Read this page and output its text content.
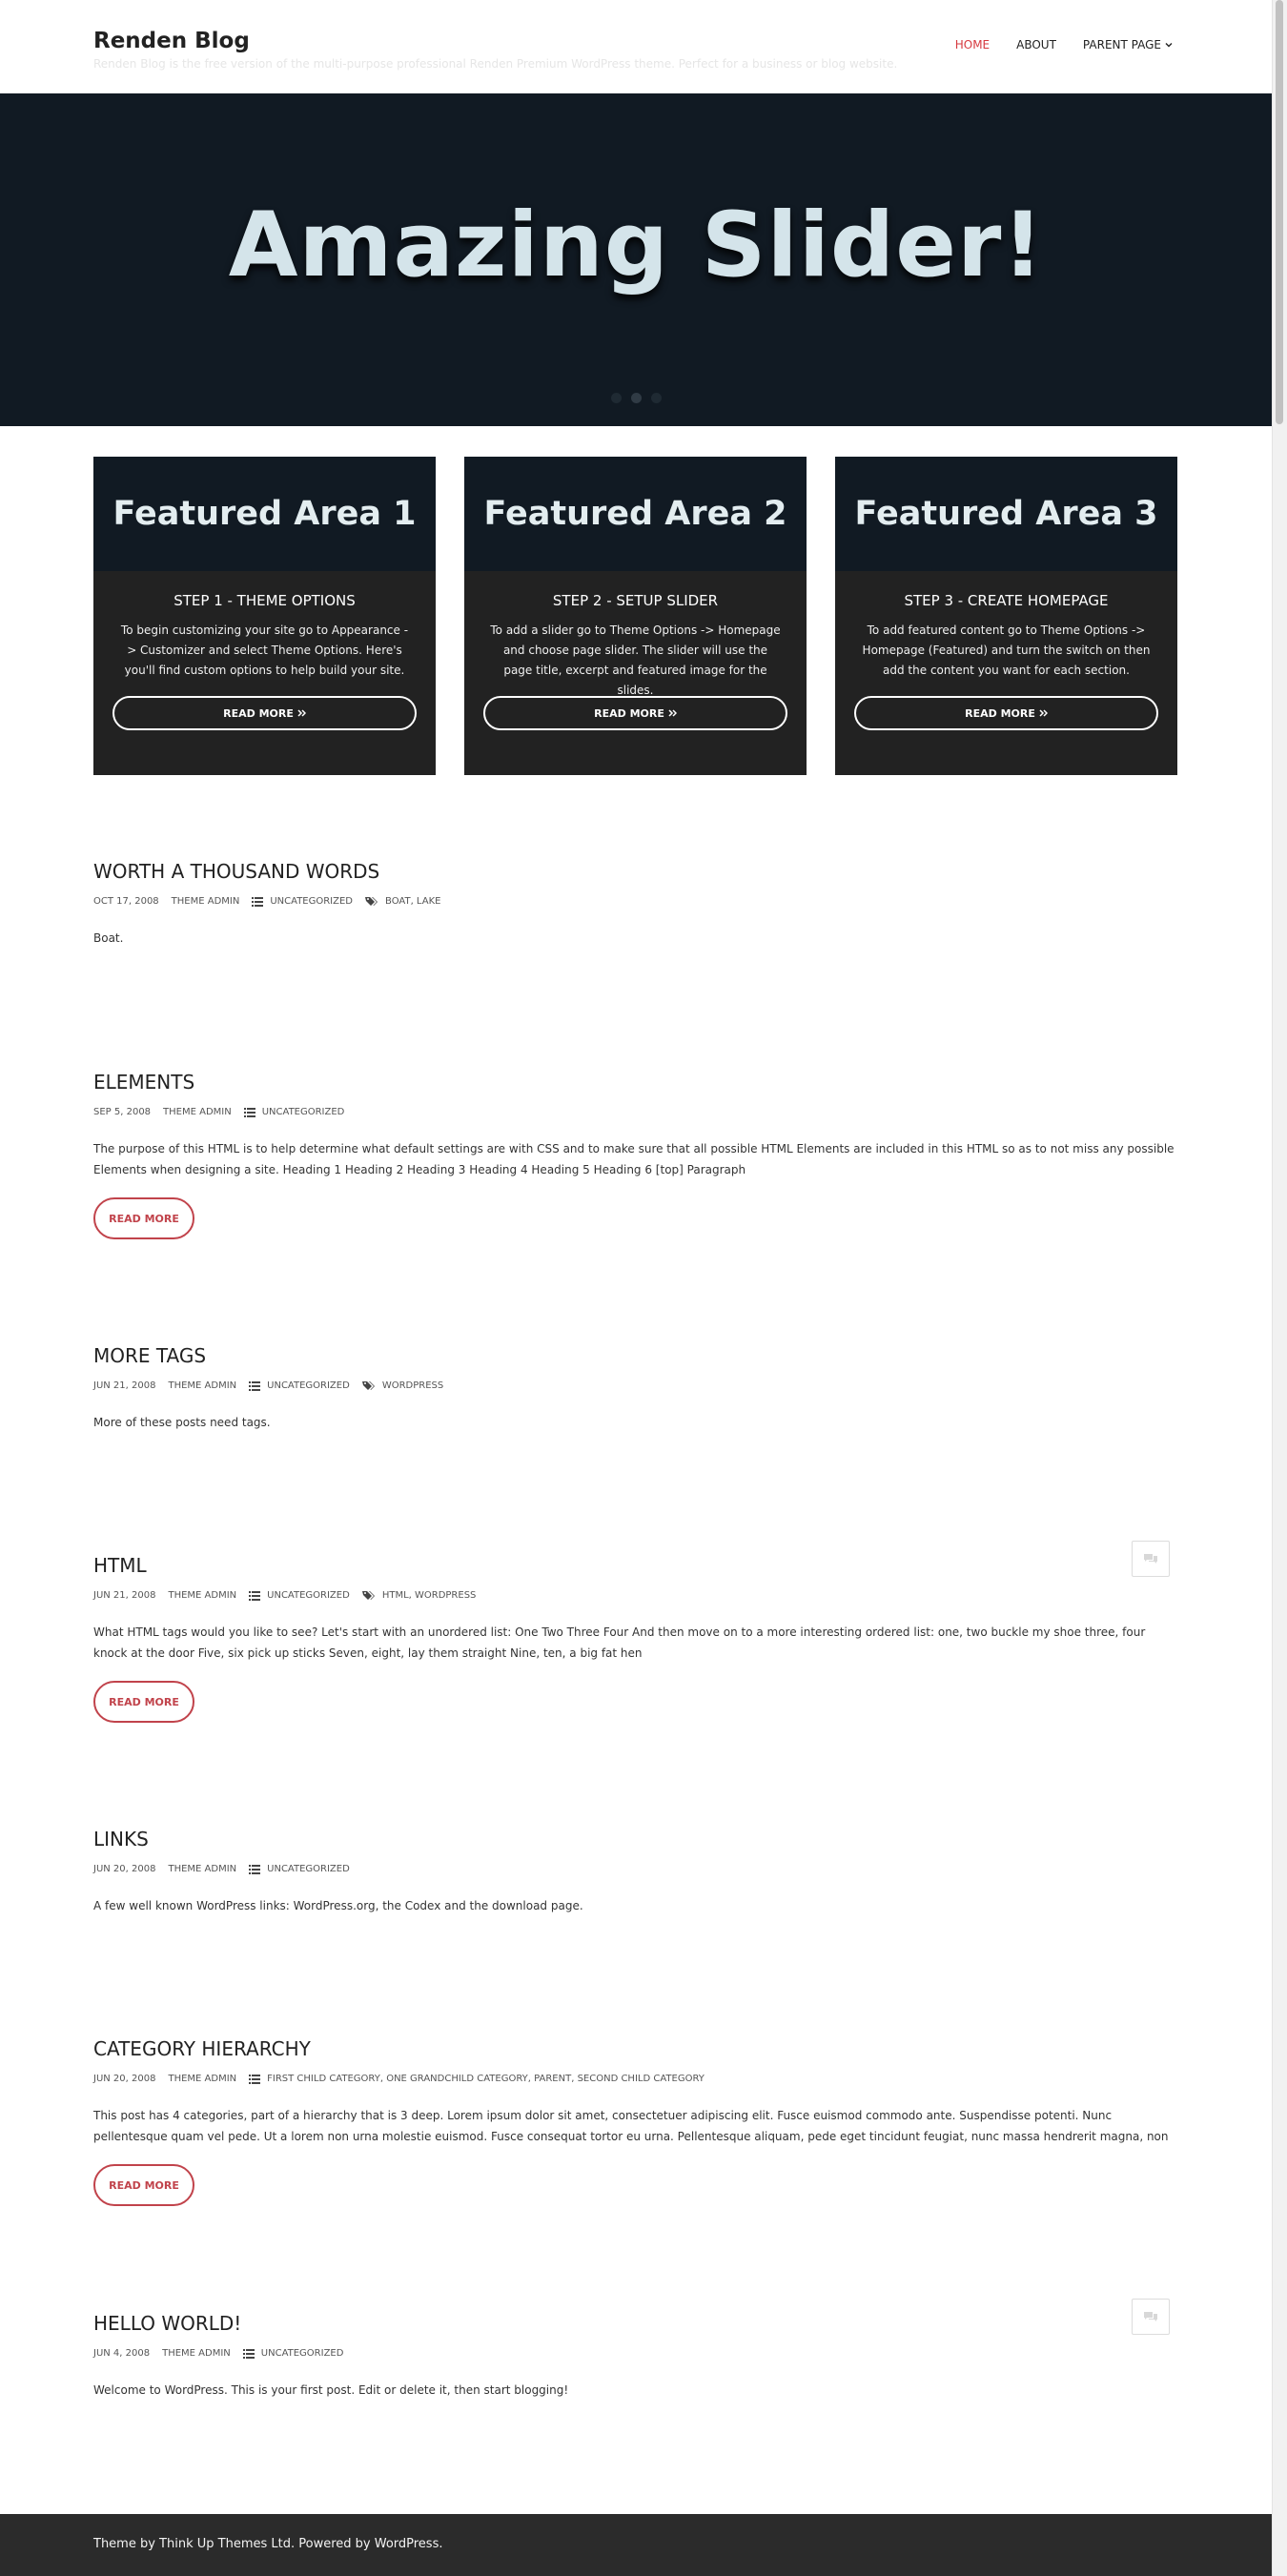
Renden Blog
Renden Blog is the free version of the multi-purpose professional Renden Premium WordPress theme. Perfect for a business or blog website.
HOME ABOUT PARENT PAGE
Amazing Slider!
Featured Area 1
STEP 1 - THEME OPTIONS
To begin customizing your site go to Appearance -> Customizer and select Theme Options. Here's you'll find custom options to help build your site.
READ MORE
Featured Area 2
STEP 2 - SETUP SLIDER
To add a slider go to Theme Options -> Homepage and choose page slider. The slider will use the page title, excerpt and featured image for the slides.
READ MORE
Featured Area 3
STEP 3 - CREATE HOMEPAGE
To add featured content go to Theme Options -> Homepage (Featured) and turn the switch on then add the content you want for each section.
READ MORE
WORTH A THOUSAND WORDS
OCT 17, 2008 THEME ADMIN	UNCATEGORIZED	BOAT, LAKE
Boat.
ELEMENTS
SEP 5, 2008 THEME ADMIN	UNCATEGORIZED
The purpose of this HTML is to help determine what default settings are with CSS and to make sure that all possible HTML Elements are included in this HTML so as to not miss any possible Elements when designing a site. Heading 1 Heading 2 Heading 3 Heading 4 Heading 5 Heading 6 [top] Paragraph
READ MORE
MORE TAGS
JUN 21, 2008 THEME ADMIN	UNCATEGORIZED	WORDPRESS
More of these posts need tags.
HTML
JUN 21, 2008 THEME ADMIN	UNCATEGORIZED	HTML, WORDPRESS
What HTML tags would you like to see? Let's start with an unordered list: One Two Three Four And then move on to a more interesting ordered list: one, two buckle my shoe three, four knock at the door Five, six pick up sticks Seven, eight, lay them straight Nine, ten, a big fat hen
READ MORE
LINKS
JUN 20, 2008 THEME ADMIN	UNCATEGORIZED
A few well known WordPress links: WordPress.org, the Codex and the download page.
CATEGORY HIERARCHY
JUN 20, 2008 THEME ADMIN	FIRST CHILD CATEGORY, ONE GRANDCHILD CATEGORY, PARENT, SECOND CHILD CATEGORY
This post has 4 categories, part of a hierarchy that is 3 deep. Lorem ipsum dolor sit amet, consectetuer adipiscing elit. Fusce euismod commodo ante. Suspendisse potenti. Nunc pellentesque quam vel pede. Ut a lorem non urna molestie euismod. Fusce consequat tortor eu urna. Pellentesque aliquam, pede eget tincidunt feugiat, nunc massa hendrerit magna, non
READ MORE
HELLO WORLD!
JUN 4, 2008 THEME ADMIN	UNCATEGORIZED
Welcome to WordPress. This is your first post. Edit or delete it, then start blogging!
Theme by Think Up Themes Ltd. Powered by WordPress.
